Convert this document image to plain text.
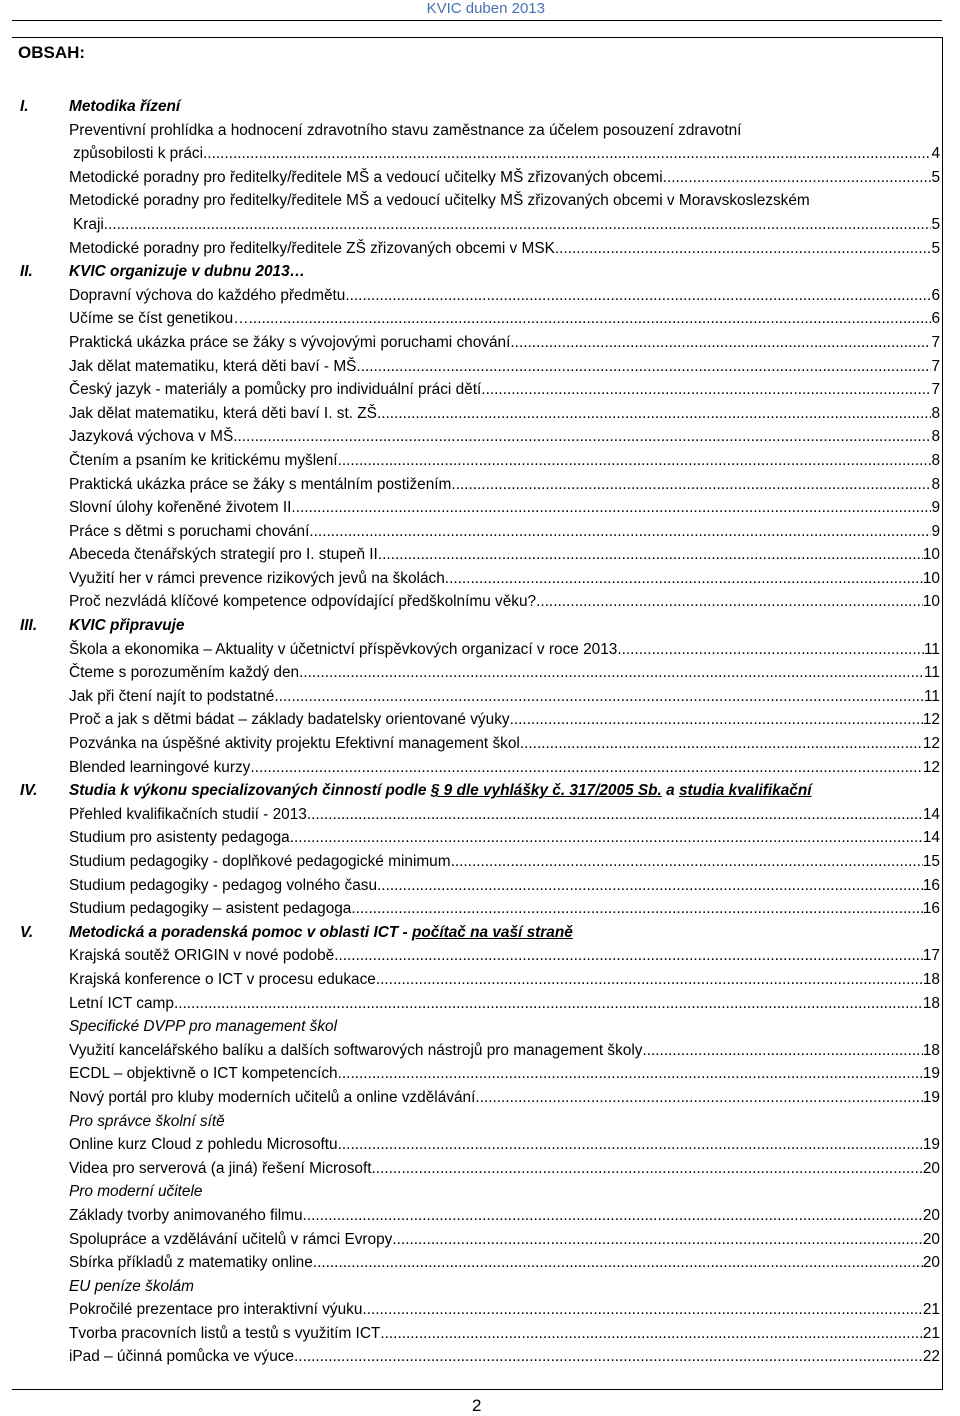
KVIC duben 2013
OBSAH:
I.	Metodika řízení
Preventivní prohlídka a hodnocení zdravotního stavu zaměstnance za účelem posouzení zdravotní
způsobilosti k práci .....	4
Metodické poradny pro ředitelky/ředitele MŠ a vedoucí učitelky MŠ zřizovaných obcemi .....	5
Metodické poradny pro ředitelky/ředitele MŠ a vedoucí učitelky MŠ zřizovaných obcemi v Moravskoslezském
Kraji .....	5
Metodické poradny pro ředitelky/ředitele ZŠ zřizovaných obcemi v MSK .....	5
II. KVIC organizuje v dubnu 2013…
Dopravní výchova do každého předmětu .....	6
Učíme se číst genetikou… .....	6
Praktická ukázka práce se žáky s vývojovými poruchami chování .....	7
Jak dělat matematiku, která děti baví - MŠ .....	7
Český jazyk - materiály a pomůcky pro individuální práci dětí .....	7
Jak dělat matematiku, která děti baví I. st. ZŠ .....	8
Jazyková výchova v MŠ .....	8
Čtením a psaním ke kritickému myšlení .....	8
Praktická ukázka práce se žáky s mentálním postižením .....	8
Slovní úlohy kořeněné životem II. .....	9
Práce s dětmi s poruchami chování .....	9
Abeceda čtenářských strategií pro I. stupeň II .....	10
Využití her v rámci prevence rizikových jevů na školách .....	10
Proč nezvládá klíčové kompetence odpovídající předškolnímu věku? .....	10
III. KVIC připravuje
Škola a ekonomika – Aktuality v účetnictví příspěvkových organizací v roce 2013 .....	11
Čteme s porozuměním každý den .....	11
Jak při čtení najít to podstatné .....	11
Proč a jak s dětmi bádat – základy badatelsky orientované výuky .....	12
Pozvánka na úspěšné aktivity projektu Efektivní management škol .....	12
Blended learningové kurzy .....	12
IV. Studia k výkonu specializovaných činností podle § 9 dle vyhlášky č. 317/2005 Sb. a studia kvalifikační
Přehled kvalifikačních studií - 2013 .....	14
Studium pro asistenty pedagoga .....	14
Studium pedagogiky - doplňkové pedagogické minimum .....	15
Studium pedagogiky - pedagog volného času .....	16
Studium pedagogiky – asistent pedagoga .....	16
V. Metodická a poradenská pomoc v oblasti ICT - počítač na vaší straně
Krajská soutěž ORIGIN v nové podobě .....	17
Krajská konference o ICT v procesu edukace .....	18
Letní ICT camp .....	18
Specifické DVPP pro management škol
Využití kancelářského balíku a dalších softwarových nástrojů pro management školy .....	18
ECDL – objektivně o ICT kompetencích .....	19
Nový portál pro kluby moderních učitelů a online vzdělávání .....	19
Pro správce školní sítě
Online kurz Cloud z pohledu Microsoftu .....	19
Videa pro serverová (a jiná) řešení Microsoft .....	20
Pro moderní učitele
Základy tvorby animovaného filmu .....	20
Spolupráce a vzdělávání učitelů v rámci Evropy .....	20
Sbírka příkladů z matematiky online .....	20
EU peníze školám
Pokročilé prezentace pro interaktivní výuku .....	21
Tvorba pracovních listů a testů s využitím ICT .....	21
iPad – účinná pomůcka ve výuce .....	22
2
